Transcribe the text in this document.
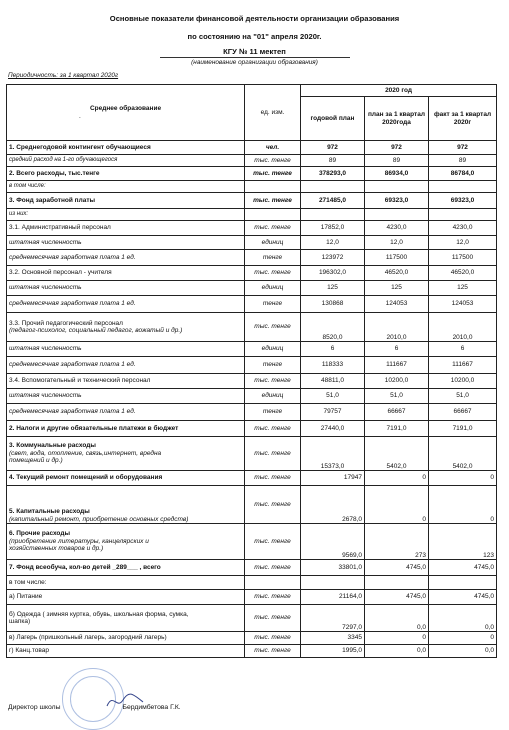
Основные показатели финансовой деятельности организации образования
по состоянию на "01" апреля 2020г.
КГУ № 11 мектеп
(наименование организации образования)
Периодичность: за 1 квартал 2020г
Среднее образование
.	ед. изм.	2020 год		
		годовой план	план за 1 квартал 2020года	факт за 1 квартал 2020г
1. Среднегодовой контингент обучающиеся	чел.	972	972	972
средний расход на 1-го обучающегося	тыс. тенге	89	89	89
2. Всего расходы, тыс.тенге	тыс. тенге	378293,0	86934,0	86784,0
в том числе:				
3. Фонд заработной платы	тыс. тенге	271485,0	69323,0	69323,0
из них:				
3.1. Административный персонал	тыс. тенге	17852,0	4230,0	4230,0
штатная численность	единиц	12,0	12,0	12,0
среднемесячная заработная плата 1 ед.	тенге	123972	117500	117500
3.2. Основной персонал - учителя	тыс. тенге	196302,0	46520,0	46520,0
штатная численность	единиц	125	125	125
среднемесячная заработная плата 1 ед.	тенге	130868	124053	124053

3.3. Прочий педагогический персонал
(педагог-психолог, социальный педагог, вожатый и др.)	тыс. тенге	8520,0	2010,0	2010,0
штатная численность	единиц	6	6	6
среднемесячная заработная плата 1 ед.	тенге	118333	111667	111667
3.4. Вспомогательный и технический персонал	тыс. тенге	48811,0	10200,0	10200,0
штатная численность	единиц	51,0	51,0	51,0
среднемесячная заработная плата 1 ед.	тенге	79757	66667	66667
2. Налоги и другие обязательные платежи в бюджет	тыс. тенге	27440,0	7191,0	7191,0

3. Коммунальные расходы
(свет, вода, отопление, связь,интернет, вредна
помещений и др.)	тыс. тенге	15373,0	5402,0	5402,0
4. Текущий ремонт помещений и оборудования	тыс. тенге	17947	0	0

5. Капитальные расходы
(капитальный ремонт, приобретение основных средств)	тыс. тенге	2678,0	0	0

6. Прочие расходы
(приобретение литературы, канцелярских и
хозяйственных товаров и др.)	тыс. тенге	9569,0	273	123
7. Фонд всеобуча, кол-во детей _289___ , всего	тыс. тенге	33801,0	4745,0	4745,0
в том числе:				
а) Питание	тыс. тенге	21164,0	4745,0	4745,0

б) Одежда ( зимняя куртка, обувь, школьная форма, сумка,
шапка)	тыс. тенге	7297,0	0,0	0,0
в) Лагерь (пришкольный лагерь, загородний лагерь)	тыс. тенге	3345	0	0
г) Канц.товар	тыс. тенге	1995,0	0,0	0,0
Директор школы	Бердимбетова Г.К.
